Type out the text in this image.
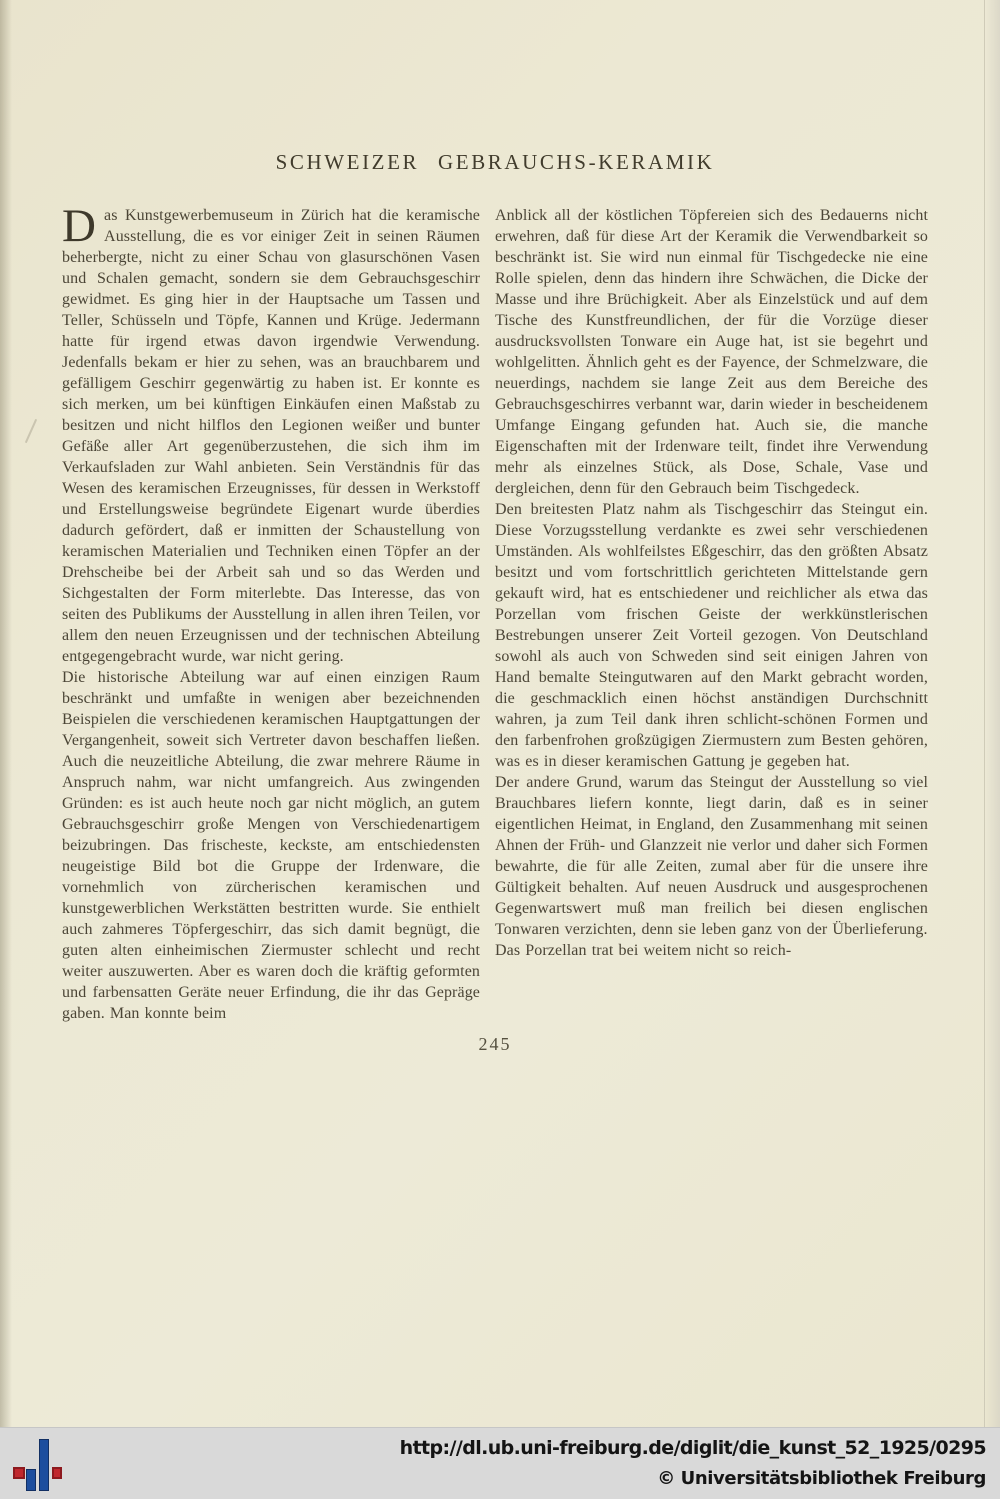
SCHWEIZER GEBRAUCHS-KERAMIK

Das Kunstgewerbemuseum in Zürich hat die keramische Ausstellung, die es vor einiger Zeit in seinen Räumen beherbergte, nicht zu einer Schau von glasurschönen Vasen und Schalen gemacht, sondern sie dem Gebrauchsgeschirr gewidmet. Es ging hier in der Hauptsache um Tassen und Teller, Schüsseln und Töpfe, Kannen und Krüge. Jedermann hatte für irgend etwas davon irgendwie Verwendung. Jedenfalls bekam er hier zu sehen, was an brauchbarem und gefälligem Geschirr gegenwärtig zu haben ist. Er konnte es sich merken, um bei künftigen Einkäufen einen Maßstab zu besitzen und nicht hilflos den Legionen weißer und bunter Gefäße aller Art gegenüberzustehen, die sich ihm im Verkaufsladen zur Wahl anbieten. Sein Verständnis für das Wesen des keramischen Erzeugnisses, für dessen in Werkstoff und Erstellungsweise begründete Eigenart wurde überdies dadurch gefördert, daß er inmitten der Schaustellung von keramischen Materialien und Techniken einen Töpfer an der Drehscheibe bei der Arbeit sah und so das Werden und Sichgestalten der Form miterlebte. Das Interesse, das von seiten des Publikums der Ausstellung in allen ihren Teilen, vor allem den neuen Erzeugnissen und der technischen Abteilung entgegengebracht wurde, war nicht gering.

Die historische Abteilung war auf einen einzigen Raum beschränkt und umfaßte in wenigen aber bezeichnenden Beispielen die verschiedenen keramischen Hauptgattungen der Vergangenheit, soweit sich Vertreter davon beschaffen ließen. Auch die neuzeitliche Abteilung, die zwar mehrere Räume in Anspruch nahm, war nicht umfangreich. Aus zwingenden Gründen: es ist auch heute noch gar nicht möglich, an gutem Gebrauchsgeschirr große Mengen von Verschiedenartigem beizubringen. Das frischeste, keckste, am entschiedensten neugeistige Bild bot die Gruppe der Irdenware, die vornehmlich von zürcherischen keramischen und kunstgewerblichen Werkstätten bestritten wurde. Sie enthielt auch zahmeres Töpfergeschirr, das sich damit begnügt, die guten alten einheimischen Ziermuster schlecht und recht weiter auszuwerten. Aber es waren doch die kräftig geformten und farbensatten Geräte neuer Erfindung, die ihr das Gepräge gaben. Man konnte beim

Anblick all der köstlichen Töpfereien sich des Bedauerns nicht erwehren, daß für diese Art der Keramik die Verwendbarkeit so beschränkt ist. Sie wird nun einmal für Tischgedecke nie eine Rolle spielen, denn das hindern ihre Schwächen, die Dicke der Masse und ihre Brüchigkeit. Aber als Einzelstück und auf dem Tische des Kunstfreundlichen, der für die Vorzüge dieser ausdrucksvollsten Tonware ein Auge hat, ist sie begehrt und wohlgelitten. Ähnlich geht es der Fayence, der Schmelzware, die neuerdings, nachdem sie lange Zeit aus dem Bereiche des Gebrauchsgeschirres verbannt war, darin wieder in bescheidenem Umfange Eingang gefunden hat. Auch sie, die manche Eigenschaften mit der Irdenware teilt, findet ihre Verwendung mehr als einzelnes Stück, als Dose, Schale, Vase und dergleichen, denn für den Gebrauch beim Tischgedeck.

Den breitesten Platz nahm als Tischgeschirr das Steingut ein. Diese Vorzugsstellung verdankte es zwei sehr verschiedenen Umständen. Als wohlfeilstes Eßgeschirr, das den größten Absatz besitzt und vom fortschrittlich gerichteten Mittelstande gern gekauft wird, hat es entschiedener und reichlicher als etwa das Porzellan vom frischen Geiste der werkkünstlerischen Bestrebungen unserer Zeit Vorteil gezogen. Von Deutschland sowohl als auch von Schweden sind seit einigen Jahren von Hand bemalte Steingutwaren auf den Markt gebracht worden, die geschmacklich einen höchst anständigen Durchschnitt wahren, ja zum Teil dank ihren schlicht-schönen Formen und den farbenfrohen großzügigen Ziermustern zum Besten gehören, was es in dieser keramischen Gattung je gegeben hat.

Der andere Grund, warum das Steingut der Ausstellung so viel Brauchbares liefern konnte, liegt darin, daß es in seiner eigentlichen Heimat, in England, den Zusammenhang mit seinen Ahnen der Früh- und Glanzzeit nie verlor und daher sich Formen bewahrte, die für alle Zeiten, zumal aber für die unsere ihre Gültigkeit behalten. Auf neuen Ausdruck und ausgesprochenen Gegenwartswert muß man freilich bei diesen englischen Tonwaren verzichten, denn sie leben ganz von der Überlieferung.

Das Porzellan trat bei weitem nicht so reich-

245
http://dl.ub.uni-freiburg.de/diglit/die_kunst_52_1925/0295
© Universitätsbibliothek Freiburg
